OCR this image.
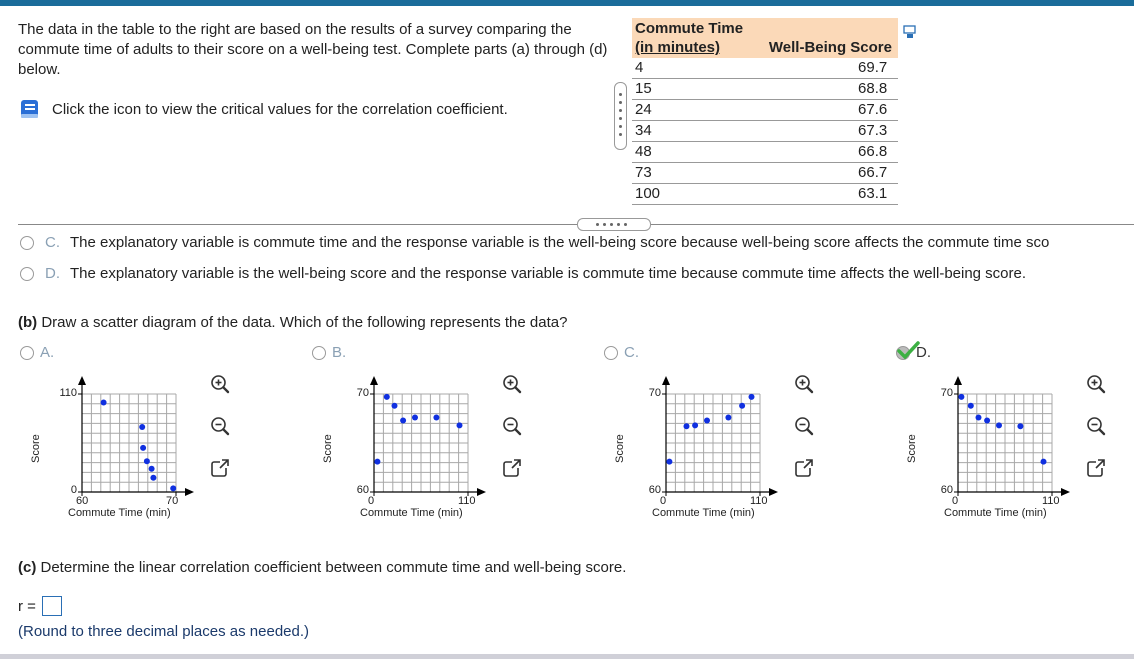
The data in the table to the right are based on the results of a survey comparing the commute time of adults to their score on a well-being test. Complete parts (a) through (d) below.
Click the icon to view the critical values for the correlation coefficient.
Commute Time
(in minutes)	Well-Being Score
4	69.7
15	68.8
24	67.6
34	67.3
48	66.8
73	66.7
100	63.1
C. The explanatory variable is commute time and the response variable is the well-being score because well-being score affects the commute time sco
D. The explanatory variable is the well-being score and the response variable is commute time because commute time affects the well-being score.
(b) Draw a scatter diagram of the data. Which of the following represents the data?
A.
110
0
60	70
Commute Time (min)
Score
B.
70
60
0	110
Commute Time (min)
Score
C.
70
60
0	110
Commute Time (min)
Score
D.
70
60
0	110
Commute Time (min)
Score
(c) Determine the linear correlation coefficient between commute time and well-being score.
r =
(Round to three decimal places as needed.)
